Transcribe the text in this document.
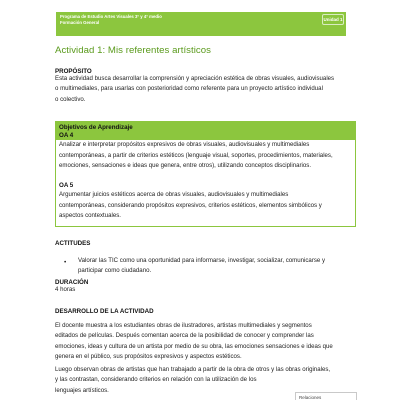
Programa de Estudio Artes Visuales 3° y 4° medio
Formación General
Unidad 1
Actividad 1: Mis referentes artísticos
PROPÓSITO
Esta actividad busca desarrollar la comprensión y apreciación estética de obras visuales, audiovisuales
o multimediales, para usarlas con posterioridad como referente para un proyecto artístico individual
o colectivo.
Objetivos de Aprendizaje
OA 4
Analizar e interpretar propósitos expresivos de obras visuales, audiovisuales y multimediales
contemporáneas, a partir de criterios estéticos (lenguaje visual, soportes, procedimientos, materiales,
emociones, sensaciones e ideas que genera, entre otros), utilizando conceptos disciplinarios.
OA 5
Argumentar juicios estéticos acerca de obras visuales, audiovisuales y multimediales
contemporáneas, considerando propósitos expresivos, criterios estéticos, elementos simbólicos y
aspectos contextuales.
ACTITUDES
• Valorar las TIC como una oportunidad para informarse, investigar, socializar, comunicarse y
participar como ciudadano.
DURACIÓN
4 horas
DESARROLLO DE LA ACTIVIDAD
El docente muestra a los estudiantes obras de ilustradores, artistas multimediales y segmentos
editados de películas. Después comentan acerca de la posibilidad de conocer y comprender las
emociones, ideas y cultura de un artista por medio de su obra, las emociones sensaciones e ideas que
genera en el público, sus propósitos expresivos y aspectos estéticos.
Luego observan obras de artistas que han trabajado a partir de la obra de otros y las obras originales,
y las contrastan, considerando criterios en relación con la utilización de los
lenguajes artísticos.
Relaciones
